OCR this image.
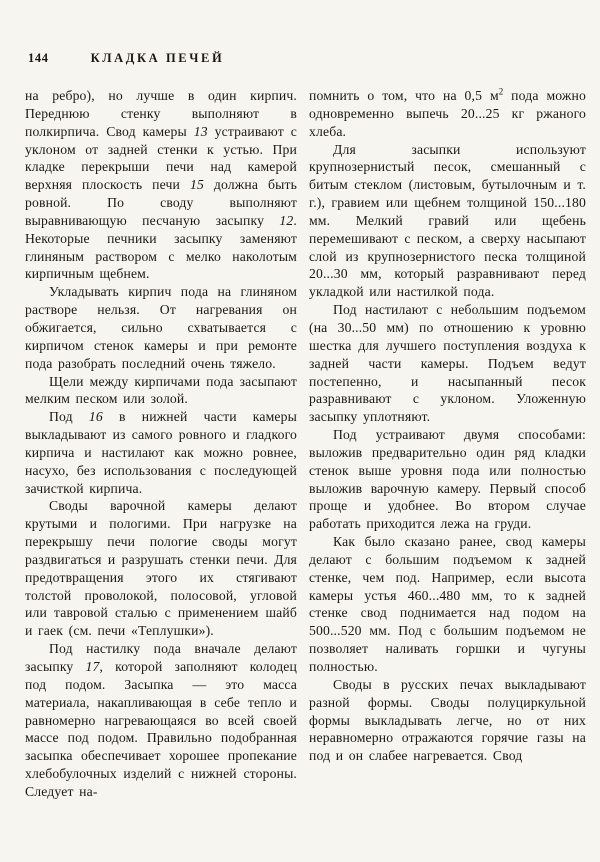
144	КЛАДКА ПЕЧЕЙ

на ребро), но лучше в один кирпич. Переднюю стенку выполняют в полкирпича. Свод камеры 13 устраивают с уклоном от задней стенки к устью. При кладке перекрыши печи над камерой верхняя плоскость печи 15 должна быть ровной. По своду выполняют выравнивающую песчаную засыпку 12. Некоторые печники засыпку заменяют глиняным раствором с мелко наколотым кирпичным щебнем.

Укладывать кирпич пода на глиняном растворе нельзя. От нагревания он обжигается, сильно схватывается с кирпичом стенок камеры и при ремонте пода разобрать последний очень тяжело.

Щели между кирпичами пода засыпают мелким песком или золой.

Под 16 в нижней части камеры выкладывают из самого ровного и гладкого кирпича и настилают как можно ровнее, насухо, без использования с последующей зачисткой кирпича.

Своды варочной камеры делают крутыми и пологими. При нагрузке на перекрышу печи пологие своды могут раздвигаться и разрушать стенки печи. Для предотвращения этого их стягивают толстой проволокой, полосовой, угловой или тавровой сталью с применением шайб и гаек (см. печи «Теплушки»).

Под настилку пода вначале делают засыпку 17, которой заполняют колодец под подом. Засыпка — это масса материала, накапливающая в себе тепло и равномерно нагревающаяся во всей своей массе под подом. Правильно подобранная засыпка обеспечивает хорошее пропекание хлебобулочных изделий с нижней стороны. Следует на-

помнить о том, что на 0,5 $м^2$ пода можно одновременно выпечь 20...25 кг ржаного хлеба.

Для засыпки используют крупнозернистый песок, смешанный с битым стеклом (листовым, бутылочным и т. г.), гравием или щебнем толщиной 150...180 мм. Мелкий гравий или щебень перемешивают с песком, а сверху насыпают слой из крупнозернистого песка толщиной 20...30 мм, который разравнивают перед укладкой или настилкой пода.

Под настилают с небольшим подъемом (на 30...50 мм) по отношению к уровню шестка для лучшего поступления воздуха к задней части камеры. Подъем ведут постепенно, и насыпанный песок разравнивают с уклоном. Уложенную засыпку уплотняют.

Под устраивают двумя способами: выложив предварительно один ряд кладки стенок выше уровня пода или полностью выложив варочную камеру. Первый способ проще и удобнее. Во втором случае работать приходится лежа на груди.

Как было сказано ранее, свод камеры делают с большим подъемом к задней стенке, чем под. Например, если высота камеры устья 460...480 мм, то к задней стенке свод поднимается над подом на 500...520 мм. Под с большим подъемом не позволяет наливать горшки и чугуны полностью.

Своды в русских печах выкладывают разной формы. Своды полуциркульной формы выкладывать легче, но от них неравномерно отражаются горячие газы на под и он слабее нагревается. Свод
